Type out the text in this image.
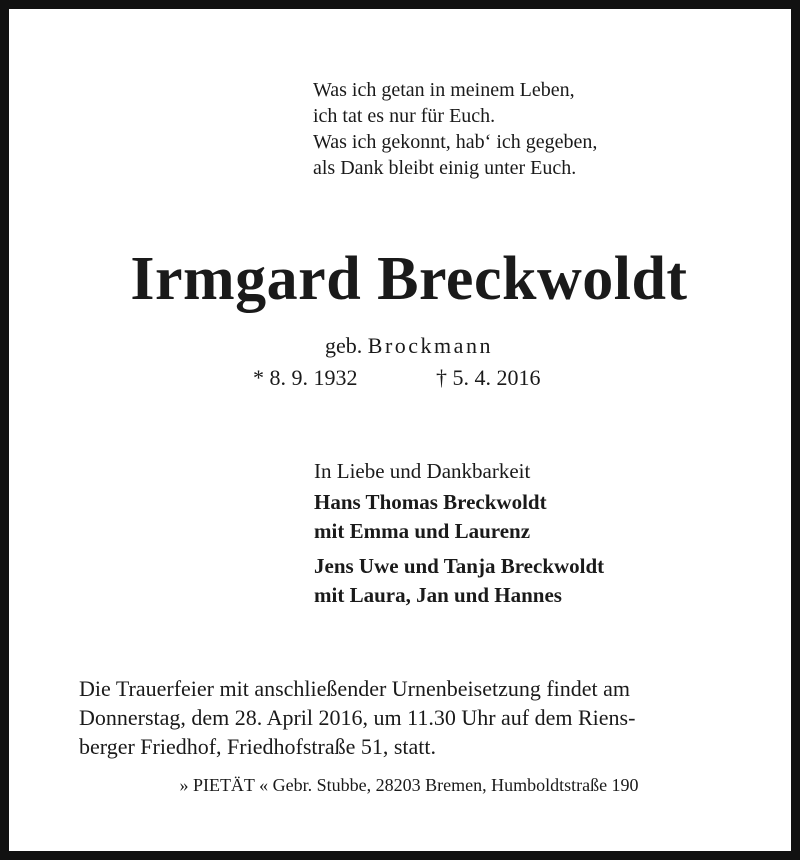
Was ich getan in meinem Leben,
ich tat es nur für Euch.
Was ich gekonnt, hab‘ ich gegeben,
als Dank bleibt einig unter Euch.
Irmgard Breckwoldt
geb. Brockmann
* 8. 9. 1932	† 5. 4. 2016
In Liebe und Dankbarkeit
Hans Thomas Breckwoldt
mit Emma und Laurenz
Jens Uwe und Tanja Breckwoldt
mit Laura, Jan und Hannes
Die Trauerfeier mit anschließender Urnenbeisetzung findet am
Donnerstag, dem 28. April 2016, um 11.30 Uhr auf dem Riens-
berger Friedhof, Friedhofstraße 51, statt.
» PIETÄT « Gebr. Stubbe, 28203 Bremen, Humboldtstraße 190
